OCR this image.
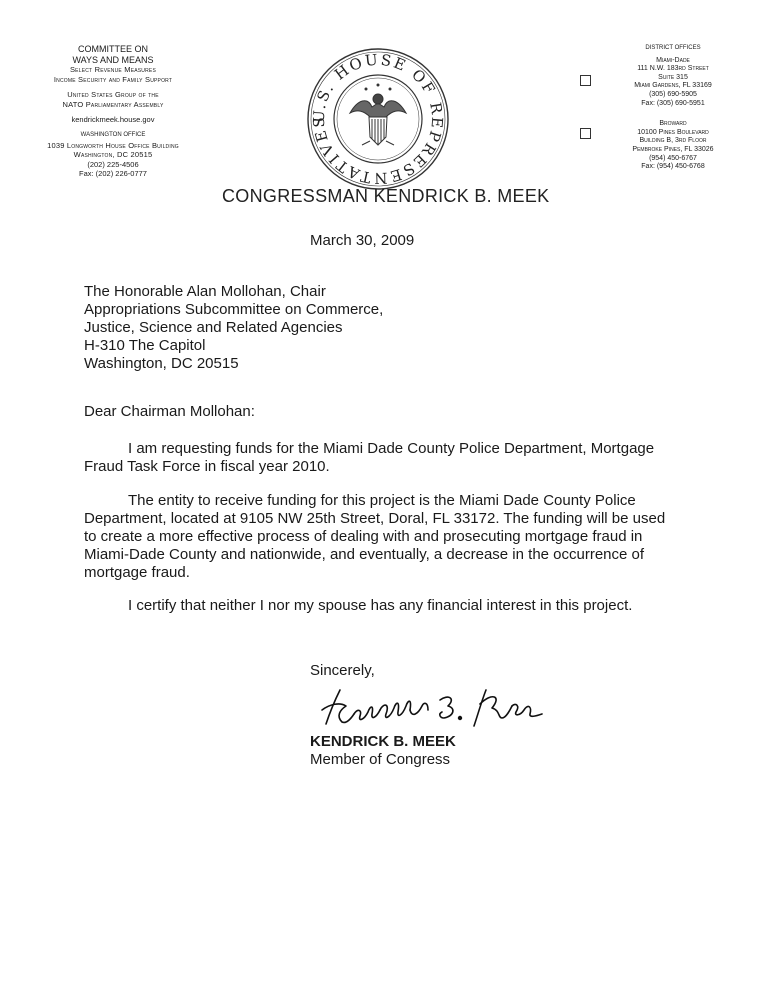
COMMITTEE ON
WAYS AND MEANS
Select Revenue Measures
Income Security and Family Support
United States Group of the
NATO Parliamentary Assembly
kendrickmeek.house.gov
WASHINGTON OFFICE
1039 Longworth House Office Building
Washington, DC 20515
(202) 225-4506
Fax: (202) 226-0777
U.S. HOUSE OF REPRESENTATIVES
DISTRICT OFFICES
Miami-Dade
111 N.W. 183rd Street
Suite 315
Miami Gardens, FL 33169
(305) 690-5905
Fax: (305) 690-5951
Broward
10100 Pines Boulevard
Building B, 3rd Floor
Pembroke Pines, FL 33026
(954) 450-6767
Fax: (954) 450-6768
CONGRESSMAN KENDRICK B. MEEK
March 30, 2009
The Honorable Alan Mollohan, Chair
Appropriations Subcommittee on Commerce,
Justice, Science and Related Agencies
H-310 The Capitol
Washington, DC 20515
Dear Chairman Mollohan:
I am requesting funds for the Miami Dade County Police Department, Mortgage
Fraud Task Force in fiscal year 2010.
The entity to receive funding for this project is the Miami Dade County Police
Department, located at 9105 NW 25th Street, Doral, FL 33172. The funding will be used
to create a more effective process of dealing with and prosecuting mortgage fraud in
Miami-Dade County and nationwide, and eventually, a decrease in the occurrence of
mortgage fraud.
I certify that neither I nor my spouse has any financial interest in this project.
Sincerely,
KENDRICK B. MEEK
Member of Congress
